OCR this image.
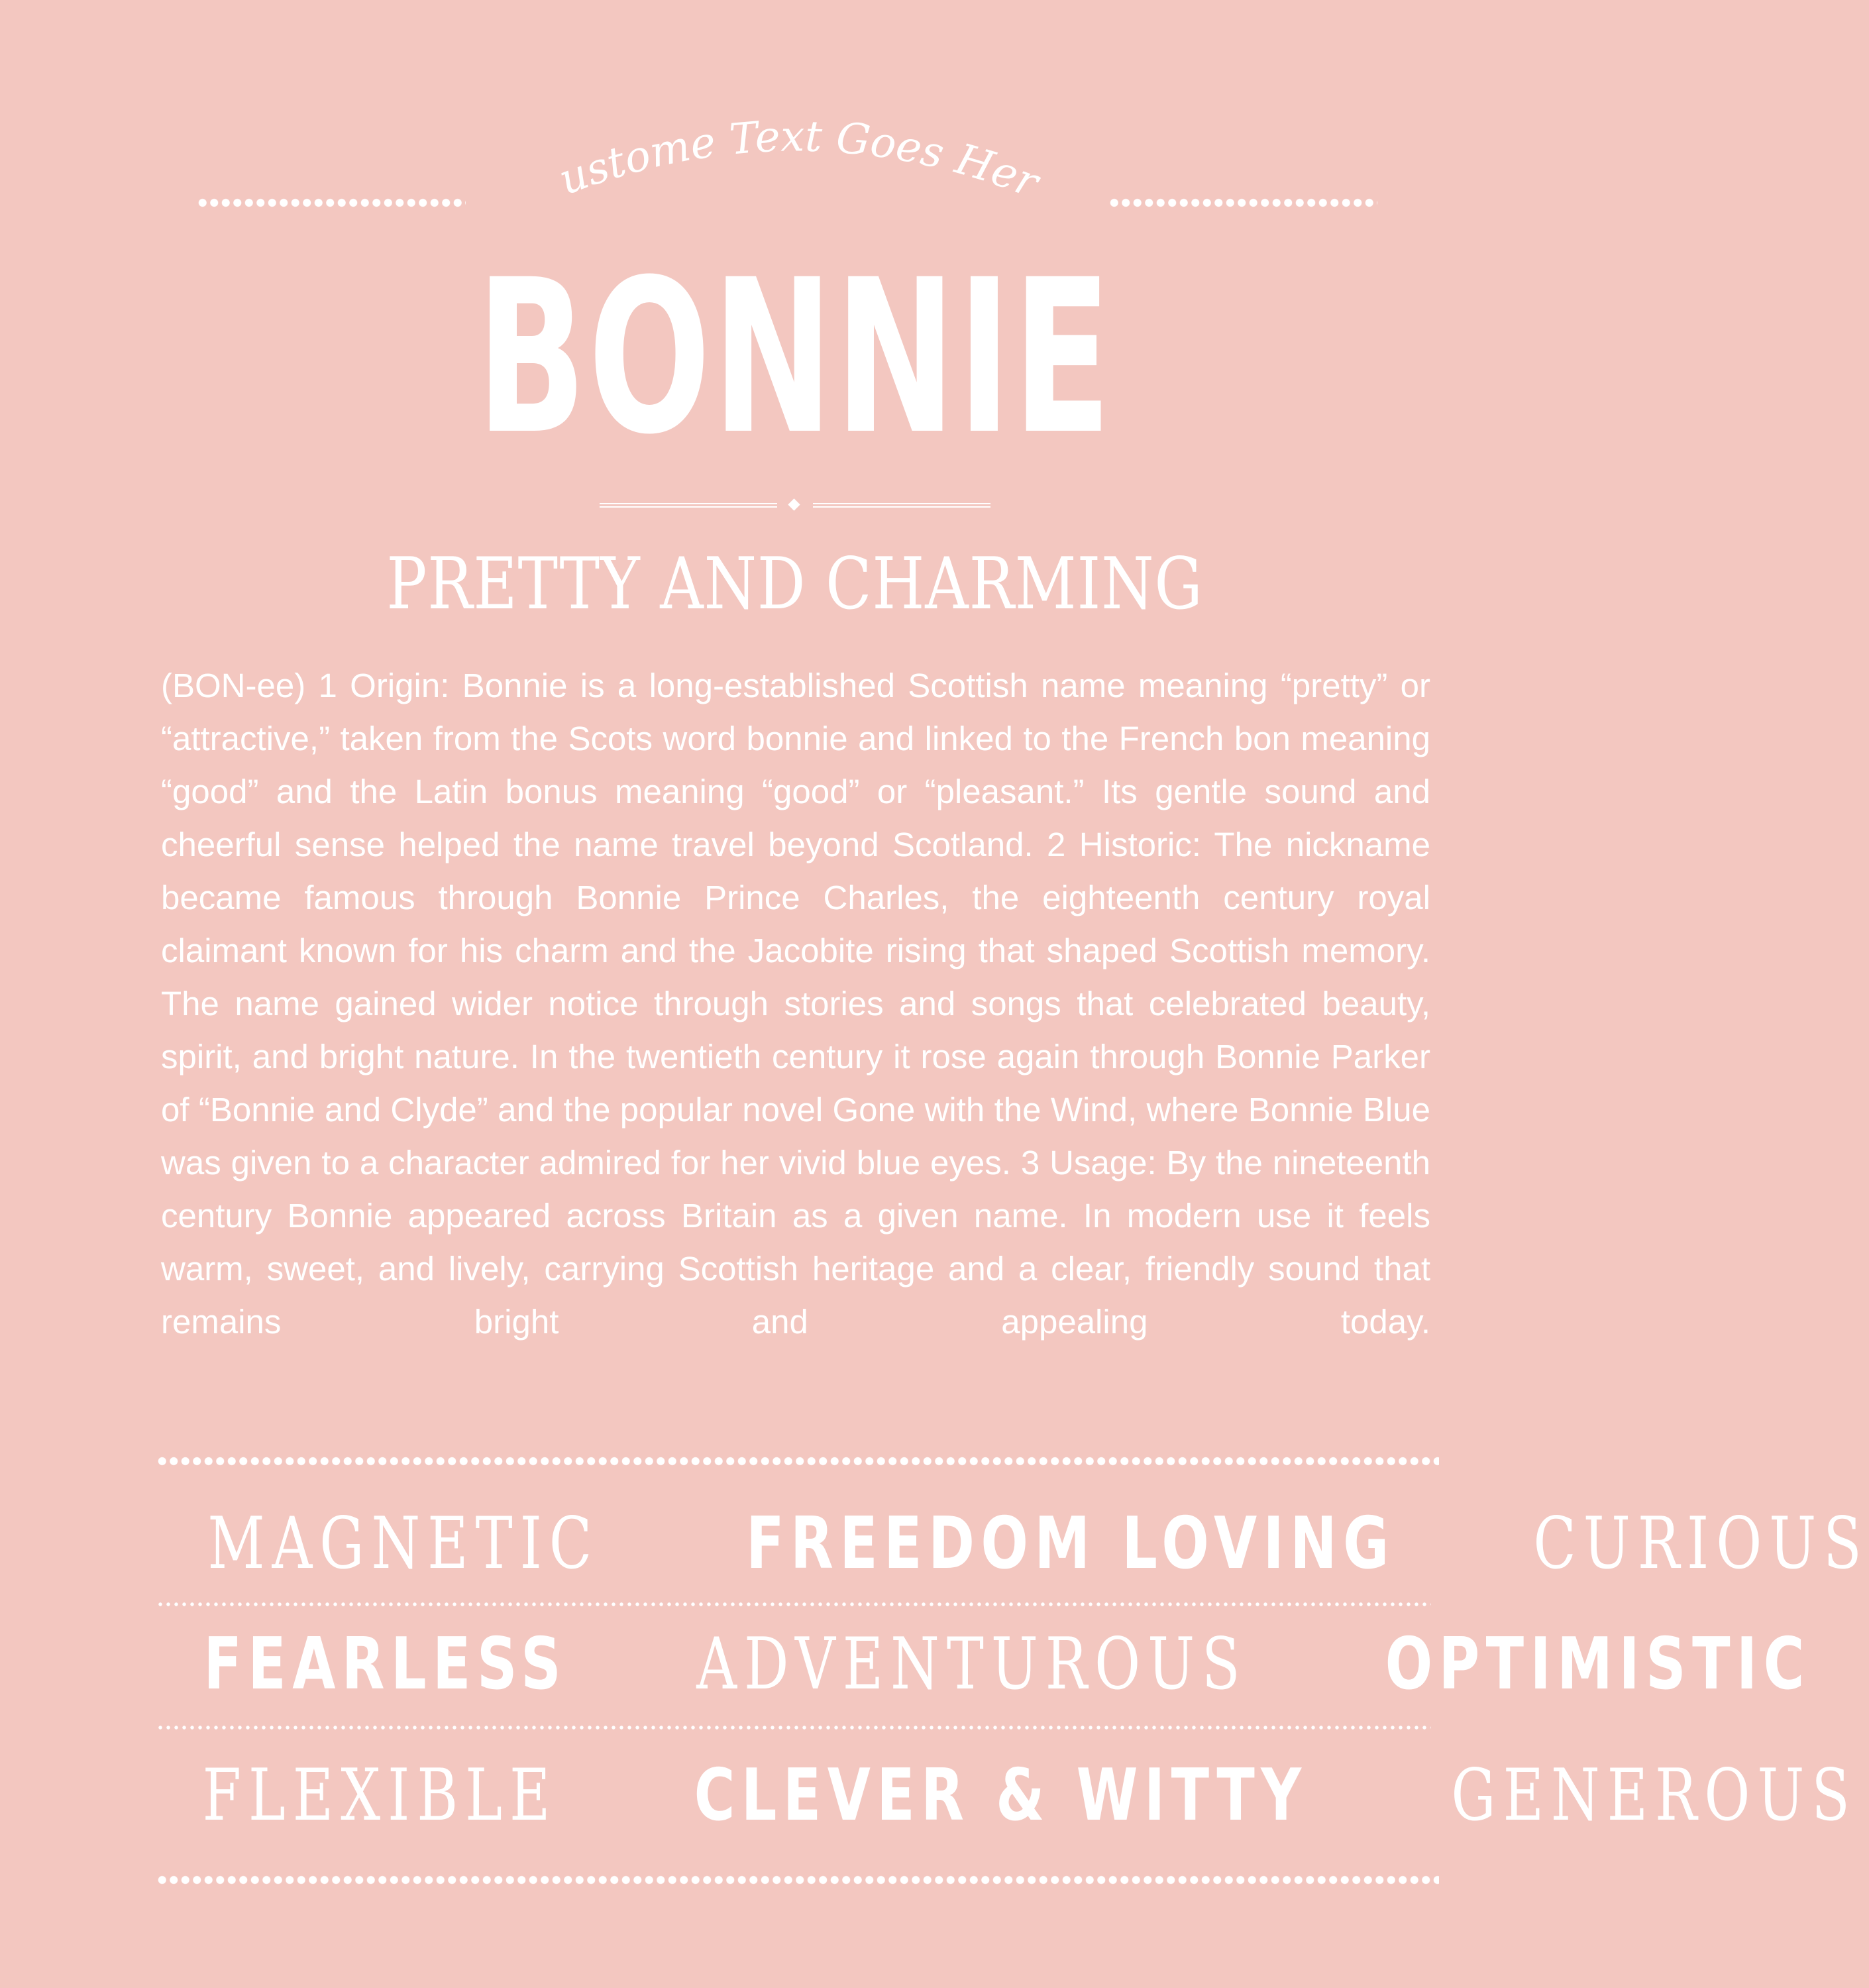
Custome Text Goes Here
BONNIE
PRETTY AND CHARMING
(BON-ee) 1 Origin: Bonnie is a long-established Scottish name meaning “pretty” or “attractive,” taken from the Scots word bonnie and linked to the French bon meaning “good” and the Latin bonus meaning “good” or “pleasant.” Its gentle sound and cheerful sense helped the name travel beyond Scotland. 2 Historic: The nickname became famous through Bonnie Prince Charles, the eighteenth century royal claimant known for his charm and the Jacobite rising that shaped Scottish memory. The name gained wider notice through stories and songs that celebrated beauty, spirit, and bright nature. In the twentieth century it rose again through Bonnie Parker of “Bonnie and Clyde” and the popular novel Gone with the Wind, where Bonnie Blue was given to a character admired for her vivid blue eyes. 3 Usage: By the nineteenth century Bonnie appeared across Britain as a given name. In modern use it feels warm, sweet, and lively, carrying Scottish heritage and a clear, friendly sound that remains bright and appealing today.
MAGNETIC FREEDOM LOVING CURIOUS
FEARLESS ADVENTUROUS OPTIMISTIC
FLEXIBLE CLEVER & WITTY GENEROUS
